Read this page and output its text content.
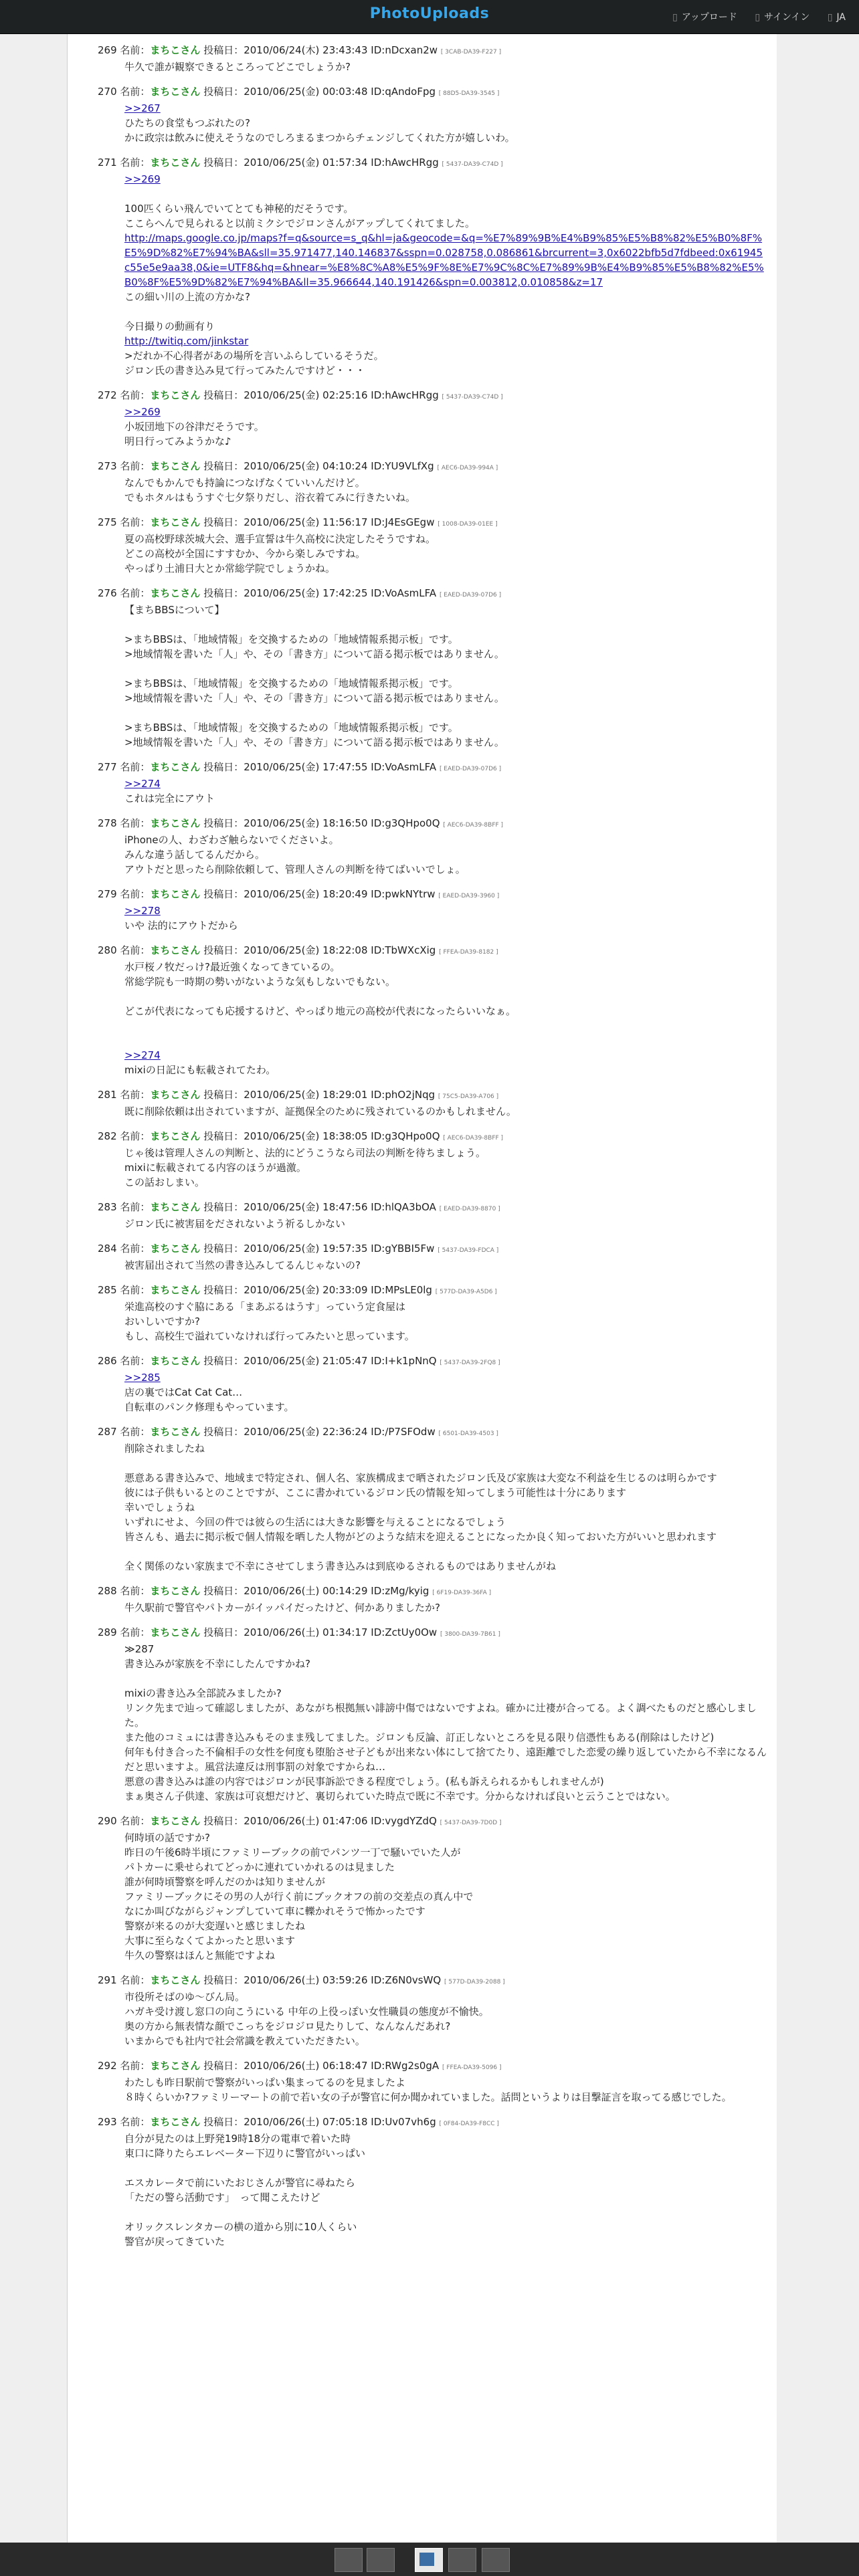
PhotoUploads	▯ アップロード ▯ サインイン ▯ JA
269 名前：まちこさん 投稿日：2010/06/24(木) 23:43:43 ID:nDcxan2w [ 3CAB-DA39-F227 ]
牛久で誰が観察できるところってどこでしょうか?
270 名前：まちこさん 投稿日：2010/06/25(金) 00:03:48 ID:qAndoFpg [ 88D5-DA39-3545 ]
>>267
ひたちの食堂もつぶれたの?
かに政宗は飲みに使えそうなのでしろまるまつからチェンジしてくれた方が嬉しいわ。
271 名前：まちこさん 投稿日：2010/06/25(金) 01:57:34 ID:hAwcHRgg [ 5437-DA39-C74D ]
>>269
100匹くらい飛んでいてとても神秘的だそうです。
ここらへんで見られると以前ミクシでジロンさんがアップしてくれてました。
http://maps.google.co.jp/maps?f=q&source=s_q&hl=ja&geocode=&q=%E7%89%9B%E4%B9%85%E5%B8%82%E5%B0%8F%E5%9D%82%E7%94%BA&sll=35.971477,140.146837&sspn=0.028758,0.086861&brcurrent=3,0x6022bfb5d7fdbeed:0x61945c55e5e9aa38,0&ie=UTF8&hq=&hnear=%E8%8C%A8%E5%9F%8E%E7%9C%8C%E7%89%9B%E4%B9%85%E5%B8%82%E5%B0%8F%E5%9D%82%E7%94%BA&ll=35.966644,140.191426&spn=0.003812,0.010858&z=17
この細い川の上流の方かな?
今日撮りの動画有り
http://twitiq.com/jinkstar
>だれか不心得者があの場所を言いふらしているそうだ。
ジロン氏の書き込み見て行ってみたんですけど・・・
272 名前：まちこさん 投稿日：2010/06/25(金) 02:25:16 ID:hAwcHRgg [ 5437-DA39-C74D ]
>>269
小坂団地下の谷津だそうです。
明日行ってみようかな♪
273 名前：まちこさん 投稿日：2010/06/25(金) 04:10:24 ID:YU9VLfXg [ AEC6-DA39-994A ]
なんでもかんでも持論につなげなくていいんだけど。
でもホタルはもうすぐ七夕祭りだし、浴衣着てみに行きたいね。
275 名前：まちこさん 投稿日：2010/06/25(金) 11:56:17 ID:J4EsGEgw [ 1008-DA39-01EE ]
夏の高校野球茨城大会、選手宣誓は牛久高校に決定したそうですね。
どこの高校が全国にすすむか、今から楽しみですね。
やっぱり土浦日大とか常総学院でしょうかね。
276 名前：まちこさん 投稿日：2010/06/25(金) 17:42:25 ID:VoAsmLFA [ EAED-DA39-07D6 ]
【まちBBSについて】
>まちBBSは、「地域情報」を交換するための「地域情報系掲示板」です。
>地域情報を書いた「人」や、その「書き方」について語る掲示板ではありません。
>まちBBSは、「地域情報」を交換するための「地域情報系掲示板」です。
>地域情報を書いた「人」や、その「書き方」について語る掲示板ではありません。
>まちBBSは、「地域情報」を交換するための「地域情報系掲示板」です。
>地域情報を書いた「人」や、その「書き方」について語る掲示板ではありません。
277 名前：まちこさん 投稿日：2010/06/25(金) 17:47:55 ID:VoAsmLFA [ EAED-DA39-07D6 ]
>>274
これは完全にアウト
278 名前：まちこさん 投稿日：2010/06/25(金) 18:16:50 ID:g3QHpo0Q [ AEC6-DA39-8BFF ]
iPhoneの人、わざわざ触らないでくださいよ。
みんな違う話してるんだから。
アウトだと思ったら削除依頼して、管理人さんの判断を待てばいいでしょ。
279 名前：まちこさん 投稿日：2010/06/25(金) 18:20:49 ID:pwkNYtrw [ EAED-DA39-3960 ]
>>278
いや 法的にアウトだから
280 名前：まちこさん 投稿日：2010/06/25(金) 18:22:08 ID:TbWXcXig [ FFEA-DA39-8182 ]
水戸桜ノ牧だっけ?最近強くなってきているの。
常総学院も一時期の勢いがないような気もしないでもない。
どこが代表になっても応援するけど、やっぱり地元の高校が代表になったらいいなぁ。
>>274
mixiの日記にも転載されてたわ。
281 名前：まちこさん 投稿日：2010/06/25(金) 18:29:01 ID:phO2jNqg [ 75C5-DA39-A706 ]
既に削除依頼は出されていますが、証拠保全のために残されているのかもしれません。
282 名前：まちこさん 投稿日：2010/06/25(金) 18:38:05 ID:g3QHpo0Q [ AEC6-DA39-8BFF ]
じゃ後は管理人さんの判断と、法的にどうこうなら司法の判断を待ちましょう。
mixiに転載されてる内容のほうが過激。
この話おしまい。
283 名前：まちこさん 投稿日：2010/06/25(金) 18:47:56 ID:hlQA3bOA [ EAED-DA39-8870 ]
ジロン氏に被害届をだされないよう祈るしかない
284 名前：まちこさん 投稿日：2010/06/25(金) 19:57:35 ID:gYBBI5Fw [ 5437-DA39-FDCA ]
被害届出されて当然の書き込みしてるんじゃないの?
285 名前：まちこさん 投稿日：2010/06/25(金) 20:33:09 ID:MPsLE0lg [ 577D-DA39-A5D6 ]
栄進高校のすぐ脇にある「まあぶるはうす」っていう定食屋は
おいしいですか?
もし、高校生で溢れていなければ行ってみたいと思っています。
286 名前：まちこさん 投稿日：2010/06/25(金) 21:05:47 ID:I+k1pNnQ [ 5437-DA39-2FQ8 ]
>>285
店の裏ではCat Cat Cat…
自転車のパンク修理もやっています。
287 名前：まちこさん 投稿日：2010/06/25(金) 22:36:24 ID:/P7SFOdw [ 6501-DA39-4503 ]
削除されましたね
悪意ある書き込みで、地域まで特定され、個人名、家族構成まで晒されたジロン氏及び家族は大変な不利益を生じるのは明らかです
彼には子供もいるとのことですが、ここに書かれているジロン氏の情報を知ってしまう可能性は十分にあります
幸いでしょうね
いずれにせよ、今回の件では彼らの生活には大きな影響を与えることになるでしょう
皆さんも、過去に掲示板で個人情報を晒した人物がどのような結末を迎えることになったか良く知っておいた方がいいと思われます
全く関係のない家族まで不幸にさせてしまう書き込みは到底ゆるされるものではありませんがね
288 名前：まちこさん 投稿日：2010/06/26(土) 00:14:29 ID:zMg/kyig [ 6F19-DA39-36FA ]
牛久駅前で警官やパトカーがイッパイだったけど、何かありましたか?
289 名前：まちこさん 投稿日：2010/06/26(土) 01:34:17 ID:ZctUy0Ow [ 3800-DA39-7B61 ]
≫287
書き込みが家族を不幸にしたんですかね?
mixiの書き込み全部読みましたか?
リンク先まで辿って確認しましたが、あながち根拠無い誹謗中傷ではないですよね。確かに辻褄が合ってる。よく調べたものだと感心しました。
また他のコミュには書き込みもそのまま残してました。ジロンも反論、訂正しないところを見る限り信憑性もある(削除はしたけど)
何年も付き合った不倫相手の女性を何度も堕胎させ子どもが出来ない体にして捨てたり、遠距離でした恋愛の繰り返していたから不幸になるんだと思いますよ。風営法違反は刑事罰の対象ですからね…
悪意の書き込みは誰の内容ではジロンが民事訴訟できる程度でしょう。(私も訴えられるかもしれませんが)
まぁ奥さん子供達、家族は可哀想だけど、裏切られていた時点で既に不幸です。分からなければ良いと云うことではない。
290 名前：まちこさん 投稿日：2010/06/26(土) 01:47:06 ID:vygdYZdQ [ 5437-DA39-7D0D ]
何時頃の話ですか?
昨日の午後6時半頃にファミリーブックの前でパンツ一丁で騒いでいた人が
パトカーに乗せられてどっかに連れていかれるのは見ました
誰が何時頃警察を呼んだのかは知りませんが
ファミリーブックにその男の人が行く前にブックオフの前の交差点の真ん中で
なにか叫びながらジャンプしていて車に轢かれそうで怖かったです
警察が来るのが大変遅いと感じましたね
大事に至らなくてよかったと思います
牛久の警察はほんと無能ですよね
291 名前：まちこさん 投稿日：2010/06/26(土) 03:59:26 ID:Z6N0vsWQ [ 577D-DA39-2088 ]
市役所そばのゆ〜びん局。
ハガキ受け渡し窓口の向こうにいる 中年の上役っぽい女性職員の態度が不愉快。
奥の方から無表情な顔でこっちをジロジロ見たりして、なんなんだあれ?
いまからでも社内で社会常識を教えていただきたい。
292 名前：まちこさん 投稿日：2010/06/26(土) 06:18:47 ID:RWg2s0gA [ FFEA-DA39-5096 ]
わたしも昨日駅前で警察がいっぱい集まってるのを見ましたよ
８時くらいか?ファミリーマートの前で若い女の子が警官に何か聞かれていました。話問というよりは目撃証言を取ってる感じでした。
293 名前：まちこさん 投稿日：2010/06/26(土) 07:05:18 ID:Uv07vh6g [ 0F84-DA39-F8CC ]
自分が見たのは上野発19時18分の電車で着いた時
東口に降りたらエレベーター下辺りに警官がいっぱい
エスカレータで前にいたおじさんが警官に尋ねたら
「ただの警ら活動です」　って聞こえたけど
オリックスレンタカーの横の道から別に10人くらい
警官が戻ってきていた
